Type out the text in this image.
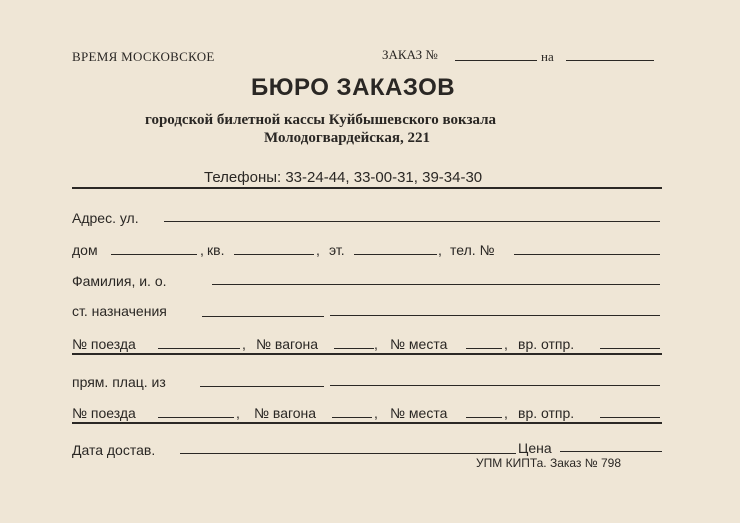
ВРЕМЯ МОСКОВСКОЕ	ЗАКАЗ №	на
БЮРО ЗАКАЗОВ
городской билетной кассы Куйбышевского вокзала
Молодогвардейская, 221
Телефоны: 33-24-44, 33-00-31, 39-34-30
Адрес. ул.
дом	, кв.	, эт.	, тел. №
Фамилия, и. о.
ст. назначения
№ поезда	, № вагона	, № места	, вр. отпр.
прям. плац. из
№ поезда	, № вагона	, № места	, вр. отпр.
Дата достав.	Цена
УПМ КИПТа. Заказ № 798
